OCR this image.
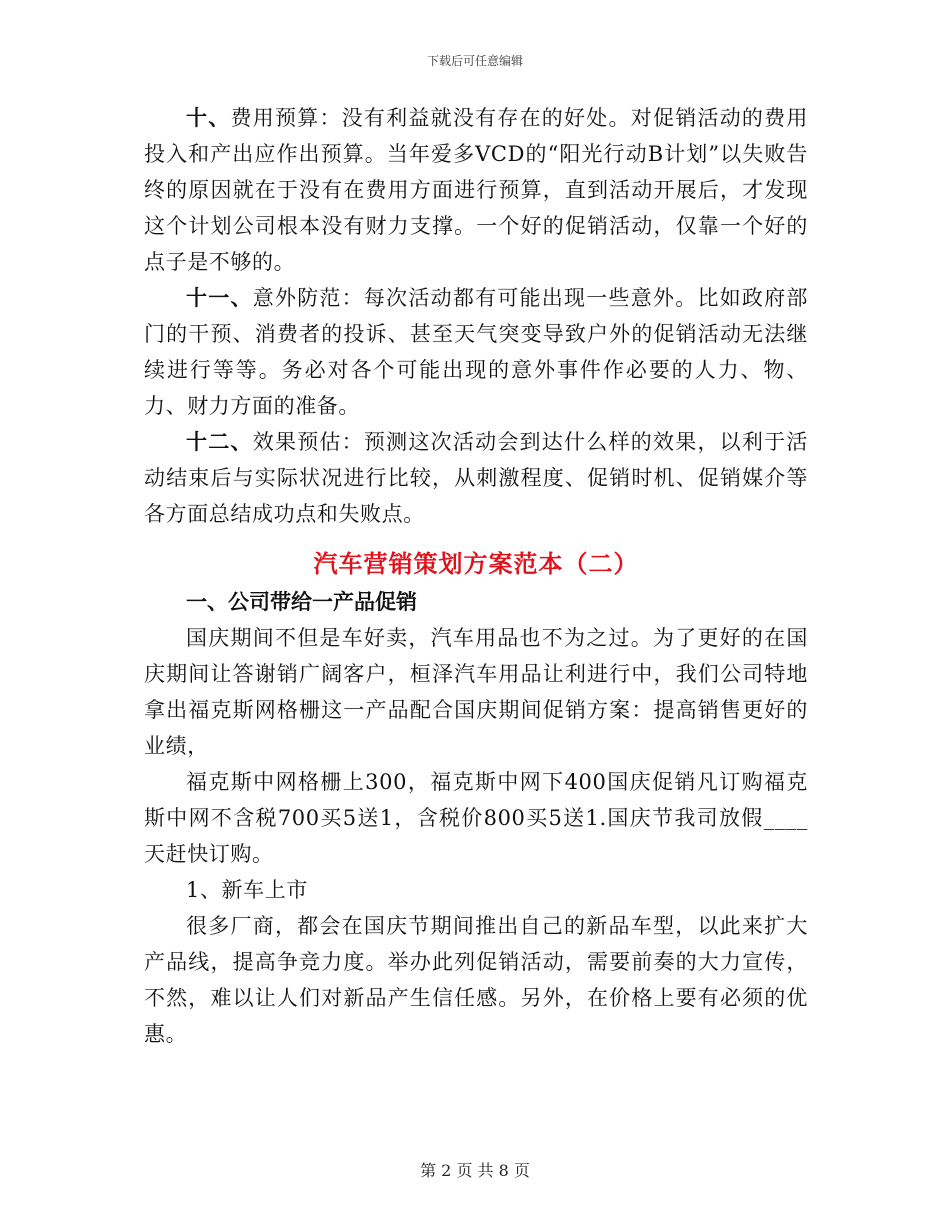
下载后可任意编辑

十、费用预算：没有利益就没有存在的好处。对促销活动的费用投入和产出应作出预算。当年爱多VCD的“阳光行动B计划”以失败告终的原因就在于没有在费用方面进行预算，直到活动开展后，才发现这个计划公司根本没有财力支撑。一个好的促销活动，仅靠一个好的点子是不够的。

十一、意外防范：每次活动都有可能出现一些意外。比如政府部门的干预、消费者的投诉、甚至天气突变导致户外的促销活动无法继续进行等等。务必对各个可能出现的意外事件作必要的人力、物、力、财力方面的准备。

十二、效果预估：预测这次活动会到达什么样的效果，以利于活动结束后与实际状况进行比较，从刺激程度、促销时机、促销媒介等各方面总结成功点和失败点。

汽车营销策划方案范本（二）

一、公司带给一产品促销

国庆期间不但是车好卖，汽车用品也不为之过。为了更好的在国庆期间让答谢销广阔客户，桓泽汽车用品让利进行中，我们公司特地拿出福克斯网格栅这一产品配合国庆期间促销方案：提高销售更好的业绩，

福克斯中网格栅上300，福克斯中网下400国庆促销凡订购福克斯中网不含税700买5送1，含税价800买5送1.国庆节我司放假____天赶快订购。

1、新车上市

很多厂商，都会在国庆节期间推出自己的新品车型，以此来扩大产品线，提高争竞力度。举办此列促销活动，需要前奏的大力宣传，不然，难以让人们对新品产生信任感。另外，在价格上要有必须的优惠。

第 2 页 共 8 页
